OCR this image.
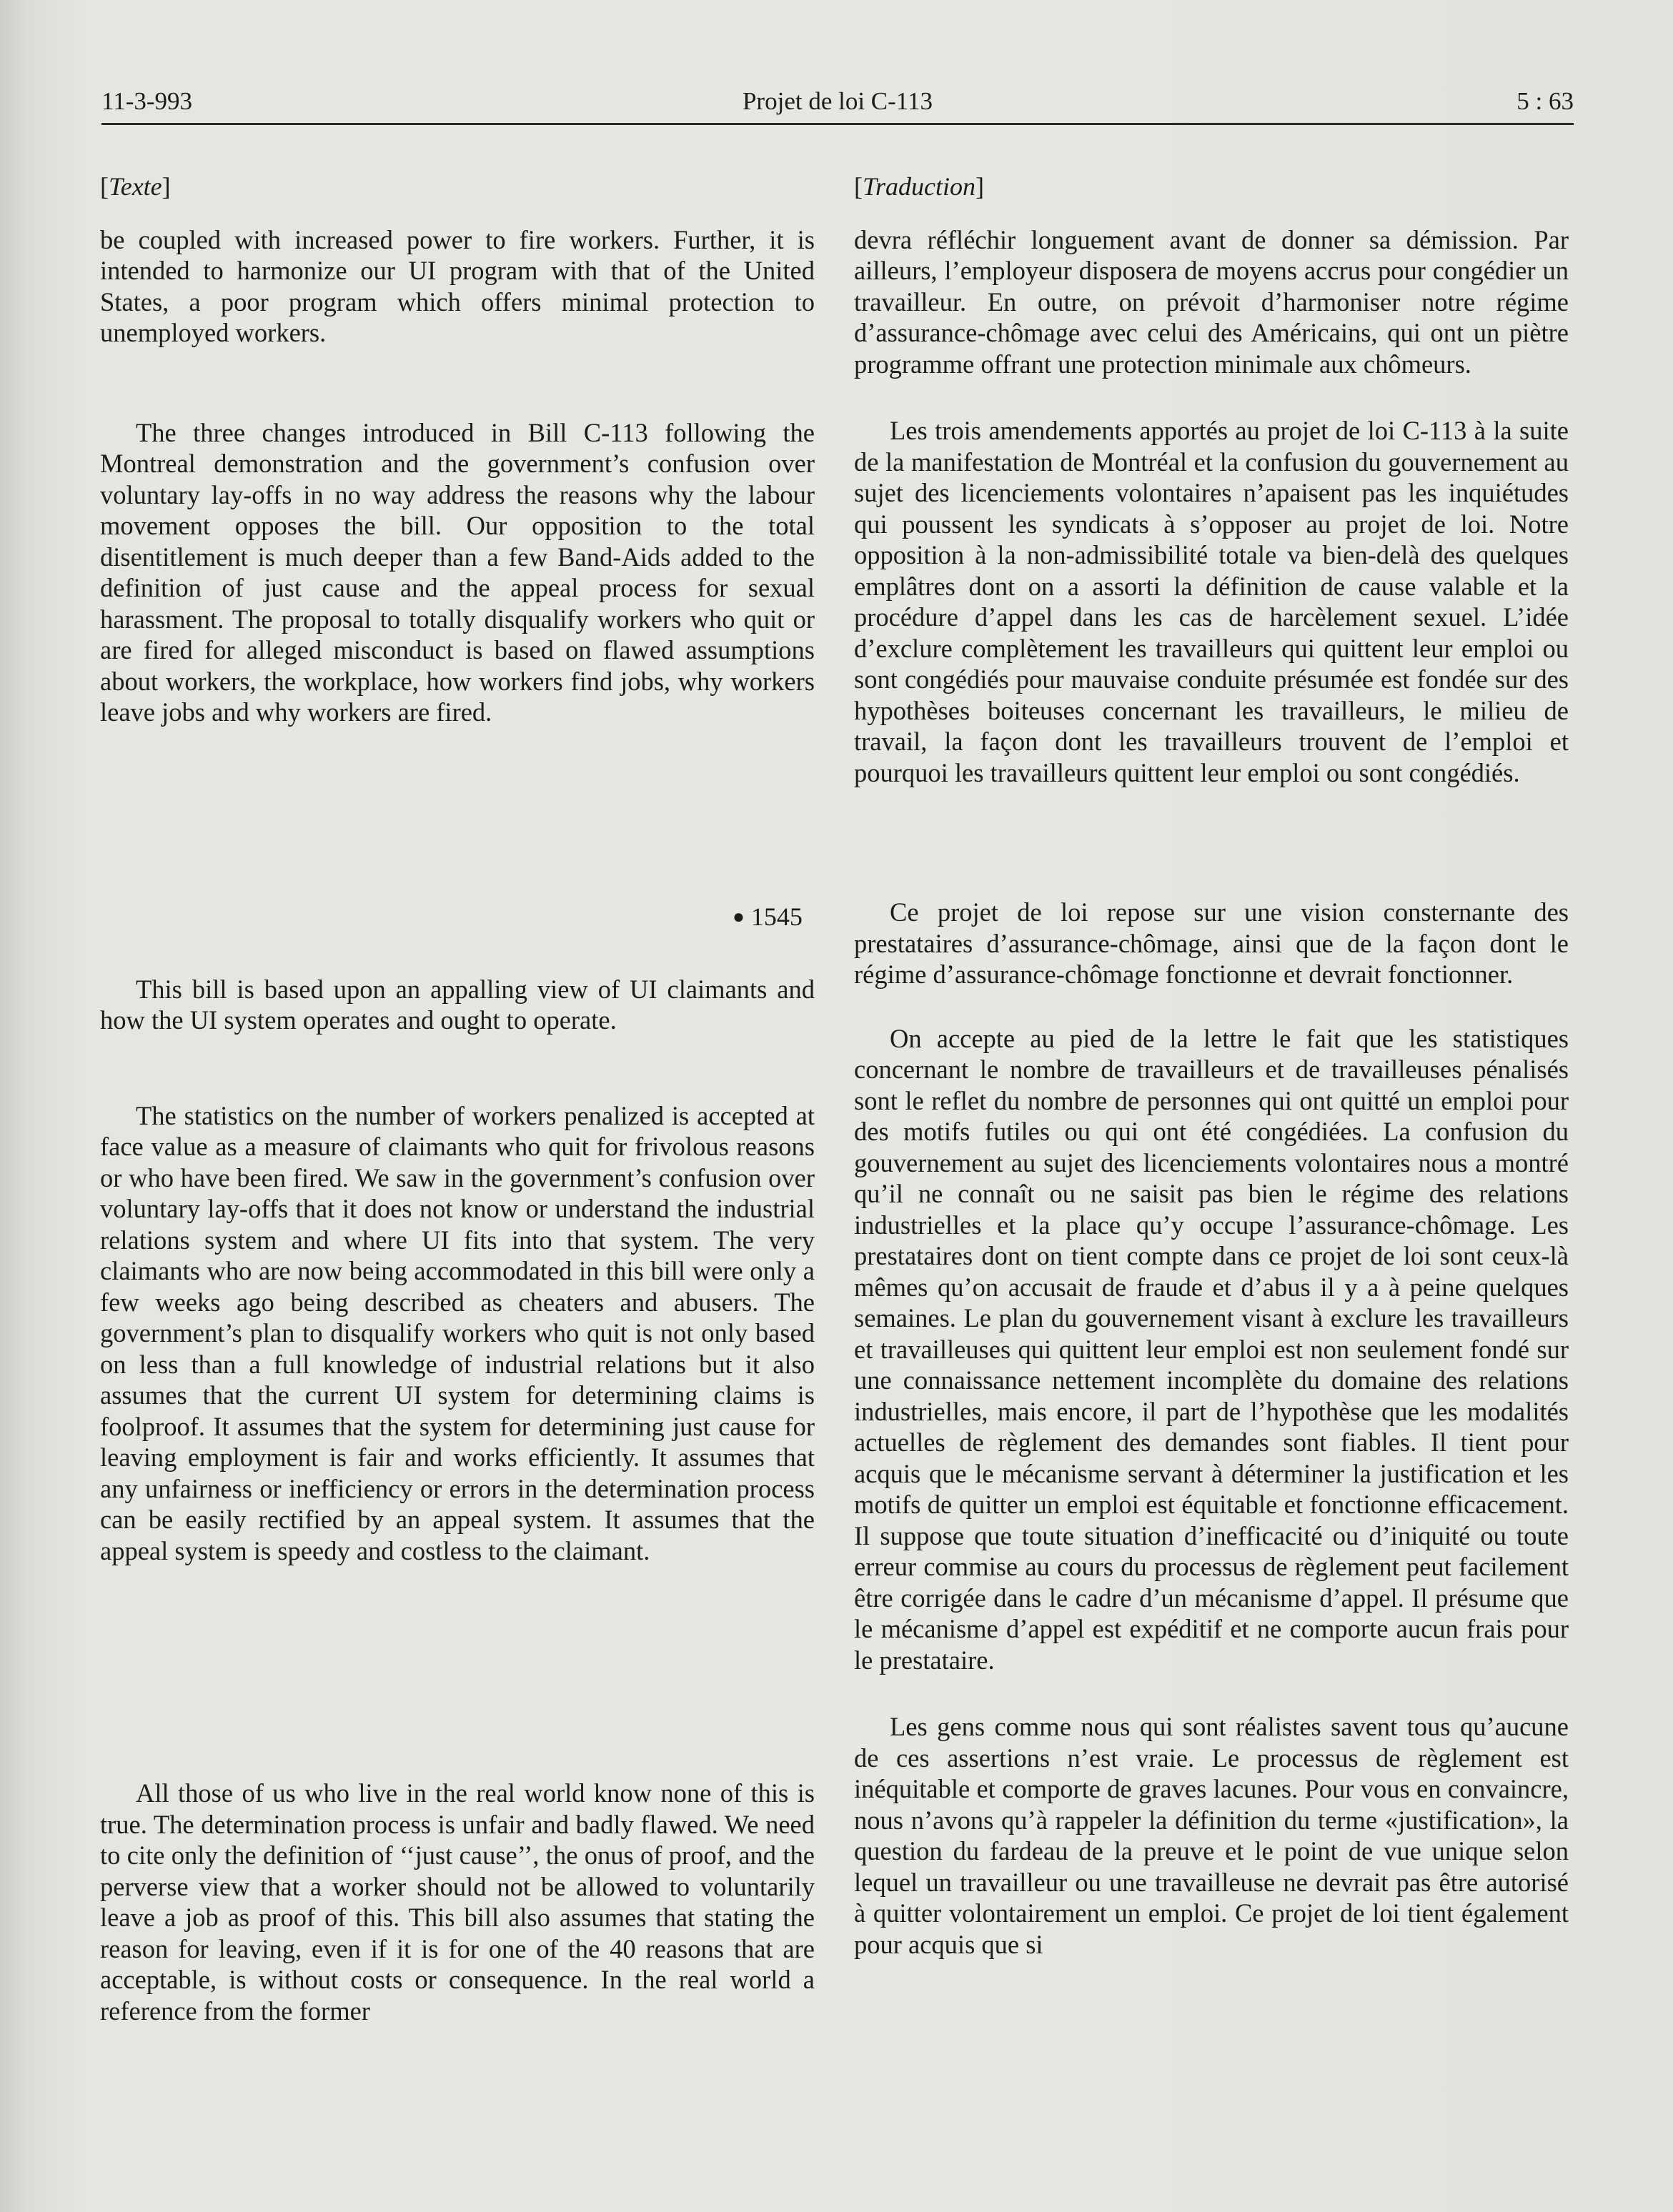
11-3-993	Projet de loi C-113	5 : 63
[Texte]

be coupled with increased power to fire workers. Further, it is intended to harmonize our UI program with that of the United States, a poor program which offers minimal protection to unemployed workers.

The three changes introduced in Bill C-113 following the Montreal demonstration and the government’s confusion over voluntary lay-offs in no way address the reasons why the labour movement opposes the bill. Our opposition to the total disentitlement is much deeper than a few Band-Aids added to the definition of just cause and the appeal process for sexual harassment. The proposal to totally disqualify workers who quit or are fired for alleged misconduct is based on flawed assumptions about workers, the workplace, how workers find jobs, why workers leave jobs and why workers are fired.

This bill is based upon an appalling view of UI claimants and how the UI system operates and ought to operate.

The statistics on the number of workers penalized is accepted at face value as a measure of claimants who quit for frivolous reasons or who have been fired. We saw in the government’s confusion over voluntary lay-offs that it does not know or understand the industrial relations system and where UI fits into that system. The very claimants who are now being accommodated in this bill were only a few weeks ago being described as cheaters and abusers. The government’s plan to disqualify workers who quit is not only based on less than a full knowledge of industrial relations but it also assumes that the current UI system for determining claims is foolproof. It assumes that the system for determining just cause for leaving employment is fair and works efficiently. It assumes that any unfairness or inefficiency or errors in the determination process can be easily rectified by an appeal system. It assumes that the appeal system is speedy and costless to the claimant.

All those of us who live in the real world know none of this is true. The determination process is unfair and badly flawed. We need to cite only the definition of ‘‘just cause’’, the onus of proof, and the perverse view that a worker should not be allowed to voluntarily leave a job as proof of this. This bill also assumes that stating the reason for leaving, even if it is for one of the 40 reasons that are acceptable, is without costs or consequence. In the real world a reference from the former

● 1545
[Traduction]

devra réfléchir longuement avant de donner sa démission. Par ailleurs, l’employeur disposera de moyens accrus pour congédier un travailleur. En outre, on prévoit d’harmoniser notre régime d’assurance-chômage avec celui des Américains, qui ont un piètre programme offrant une protection minimale aux chômeurs.

Les trois amendements apportés au projet de loi C-113 à la suite de la manifestation de Montréal et la confusion du gouvernement au sujet des licenciements volontaires n’apaisent pas les inquiétudes qui poussent les syndicats à s’opposer au projet de loi. Notre opposition à la non-admissibilité totale va bien-delà des quelques emplâtres dont on a assorti la définition de cause valable et la procédure d’appel dans les cas de harcèlement sexuel. L’idée d’exclure complètement les travailleurs qui quittent leur emploi ou sont congédiés pour mauvaise conduite présumée est fondée sur des hypothèses boiteuses concernant les travailleurs, le milieu de travail, la façon dont les travailleurs trouvent de l’emploi et pourquoi les travailleurs quittent leur emploi ou sont congédiés.

Ce projet de loi repose sur une vision consternante des prestataires d’assurance-chômage, ainsi que de la façon dont le régime d’assurance-chômage fonctionne et devrait fonctionner.

On accepte au pied de la lettre le fait que les statistiques concernant le nombre de travailleurs et de travailleuses pénalisés sont le reflet du nombre de personnes qui ont quitté un emploi pour des motifs futiles ou qui ont été congédiées. La confusion du gouvernement au sujet des licenciements volontaires nous a montré qu’il ne connaît ou ne saisit pas bien le régime des relations industrielles et la place qu’y occupe l’assurance-chômage. Les prestataires dont on tient compte dans ce projet de loi sont ceux-là mêmes qu’on accusait de fraude et d’abus il y a à peine quelques semaines. Le plan du gouvernement visant à exclure les travailleurs et travailleuses qui quittent leur emploi est non seulement fondé sur une connaissance nettement incomplète du domaine des relations industrielles, mais encore, il part de l’hypothèse que les modalités actuelles de règlement des demandes sont fiables. Il tient pour acquis que le mécanisme servant à déterminer la justification et les motifs de quitter un emploi est équitable et fonctionne efficacement. Il suppose que toute situation d’inefficacité ou d’iniquité ou toute erreur commise au cours du processus de règlement peut facilement être corrigée dans le cadre d’un mécanisme d’appel. Il présume que le mécanisme d’appel est expéditif et ne comporte aucun frais pour le prestataire.

Les gens comme nous qui sont réalistes savent tous qu’aucune de ces assertions n’est vraie. Le processus de règlement est inéquitable et comporte de graves lacunes. Pour vous en convaincre, nous n’avons qu’à rappeler la définition du terme «justification», la question du fardeau de la preuve et le point de vue unique selon lequel un travailleur ou une travailleuse ne devrait pas être autorisé à quitter volontairement un emploi. Ce projet de loi tient également pour acquis que si
